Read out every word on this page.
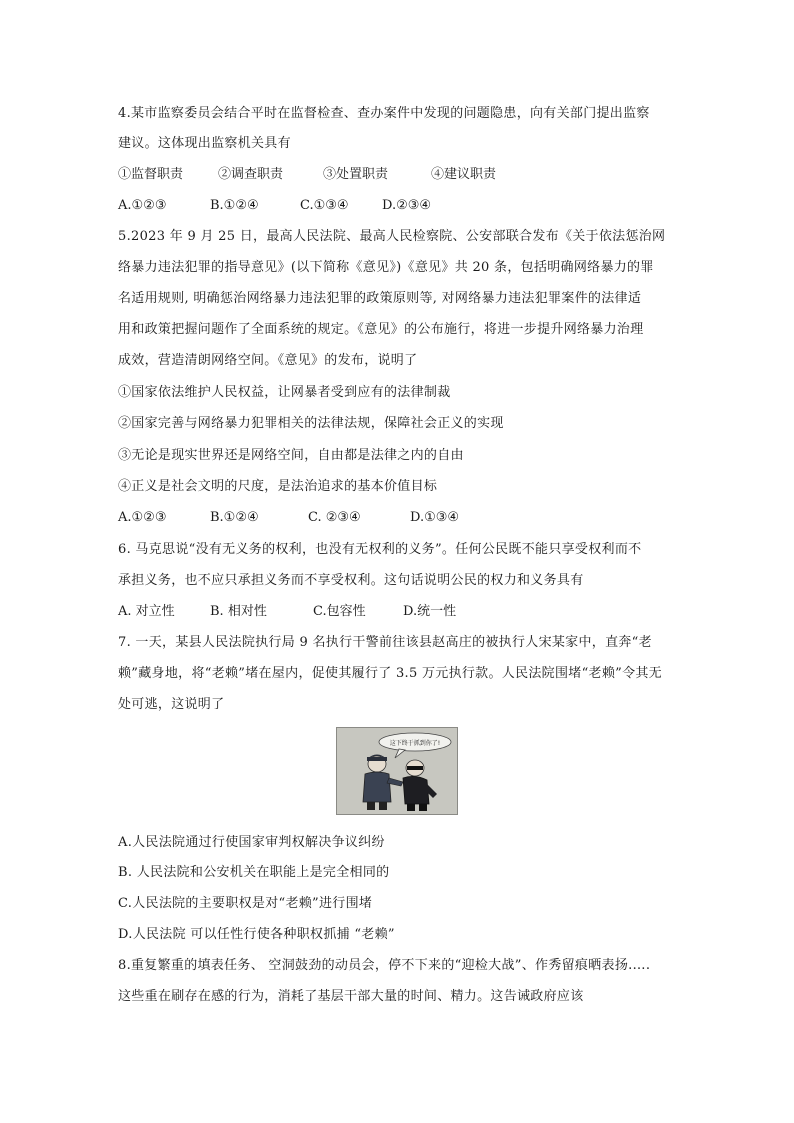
4.某市监察委员会结合平时在监督检查、查办案件中发现的问题隐患，向有关部门提出监察
建议。这体现出监察机关具有
①监督职责	②调查职责	③处置职责	④建议职责
A.①②③	B.①②④	C.①③④	D.②③④
5.2023 年 9 月 25 日，最高人民法院、最高人民检察院、公安部联合发布《关于依法惩治网
络暴力违法犯罪的指导意见》(以下简称《意见》)《意见》共 20 条，包括明确网络暴力的罪
名适用规则, 明确惩治网络暴力违法犯罪的政策原则等, 对网络暴力违法犯罪案件的法律适
用和政策把握问题作了全面系统的规定。《意见》的公布施行，将进一步提升网络暴力治理
成效，营造清朗网络空间。《意见》的发布，说明了
①国家依法维护人民权益，让网暴者受到应有的法律制裁
②国家完善与网络暴力犯罪相关的法律法规，保障社会正义的实现
③无论是现实世界还是网络空间，自由都是法律之内的自由
④正义是社会文明的尺度，是法治追求的基本价值目标
A.①②③	B.①②④	C. ②③④	D.①③④
6. 马克思说“没有无义务的权利，也没有无权利的义务”。任何公民既不能只享受权利而不
承担义务，也不应只承担义务而不享受权利。这句话说明公民的权力和义务具有
A. 对立性	B. 相对性	C.包容性	D.统一性
7. 一天，某县人民法院执行局 9 名执行干警前往该县赵高庄的被执行人宋某家中，直奔“老
赖”藏身地，将“老赖”堵在屋内，促使其履行了 3.5 万元执行款。人民法院围堵“老赖”令其无
处可逃，这说明了
这下终于抓到你了!
A.人民法院通过行使国家审判权解决争议纠纷
B. 人民法院和公安机关在职能上是完全相同的
C.人民法院的主要职权是对“老赖”进行围堵
D.人民法院 可以任性行使各种职权抓捕 “老赖”
8.重复繁重的填表任务、 空洞鼓劲的动员会，停不下来的“迎检大战”、作秀留痕晒表扬.….
这些重在刷存在感的行为，消耗了基层干部大量的时间、精力。这告诫政府应该
